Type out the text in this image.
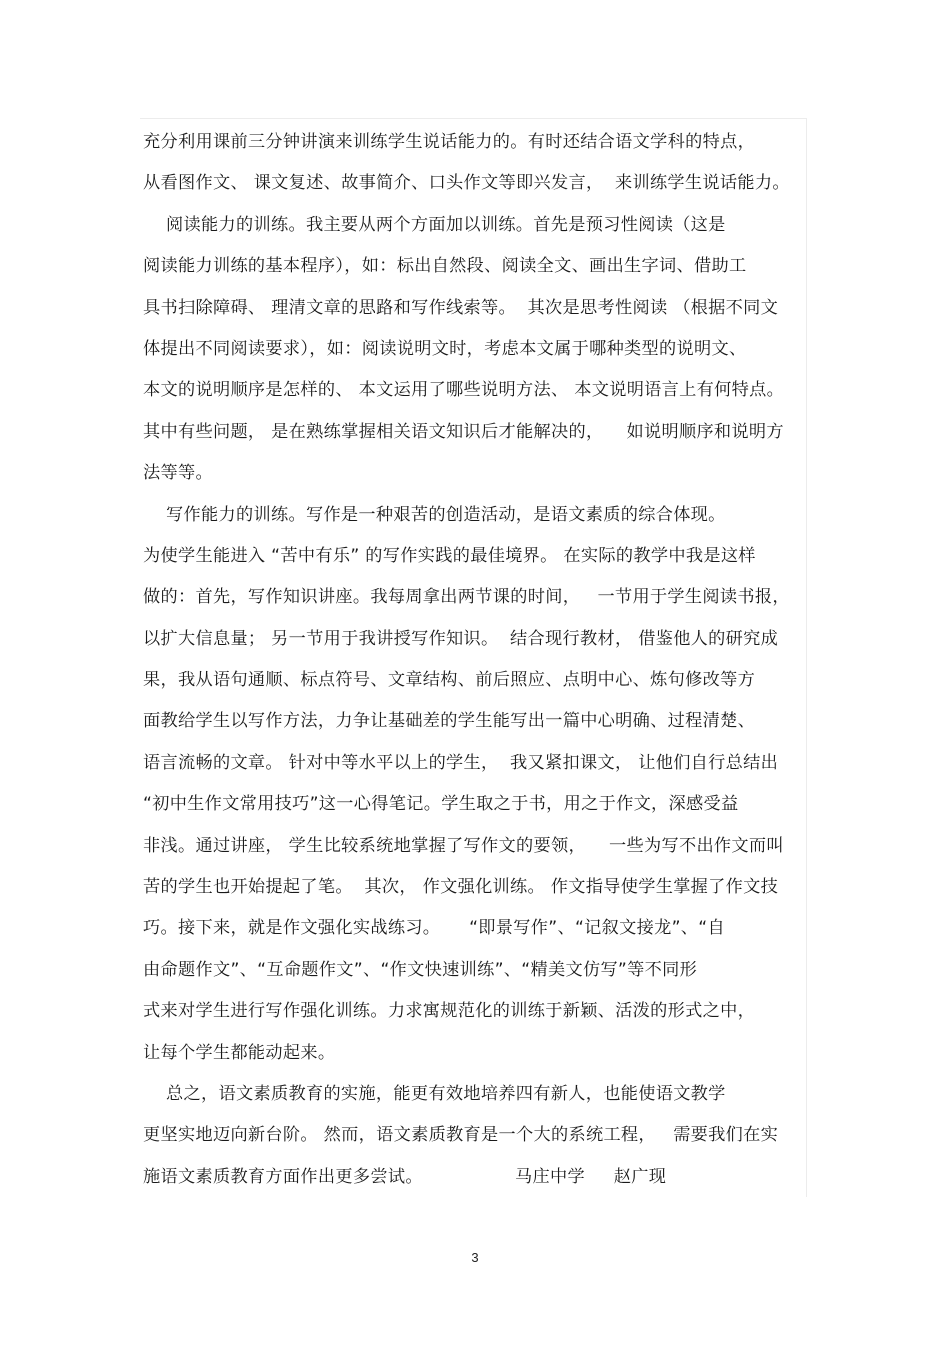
充分利用课前三分钟讲演来训练学生说话能力的。有时还结合语文学科的特点，
从看图作文、 课文复述、故事简介、口头作文等即兴发言，  来训练学生说话能力。
阅读能力的训练。我主要从两个方面加以训练。首先是预习性阅读（这是
阅读能力训练的基本程序），如：标出自然段、阅读全文、画出生字词、借助工
具书扫除障碍、 理清文章的思路和写作线索等。  其次是思考性阅读 （根据不同文
体提出不同阅读要求），如：阅读说明文时，考虑本文属于哪种类型的说明文、
本文的说明顺序是怎样的、 本文运用了哪些说明方法、 本文说明语言上有何特点。
其中有些问题， 是在熟练掌握相关语文知识后才能解决的，    如说明顺序和说明方
法等等。
写作能力的训练。写作是一种艰苦的创造活动，是语文素质的综合体现。
为使学生能进入 “苦中有乐” 的写作实践的最佳境界。 在实际的教学中我是这样
做的：首先，写作知识讲座。我每周拿出两节课的时间，   一节用于学生阅读书报，
以扩大信息量； 另一节用于我讲授写作知识。  结合现行教材， 借鉴他人的研究成
果，我从语句通顺、标点符号、文章结构、前后照应、点明中心、炼句修改等方
面教给学生以写作方法，力争让基础差的学生能写出一篇中心明确、过程清楚、
语言流畅的文章。 针对中等水平以上的学生，  我又紧扣课文， 让他们自行总结出
“初中生作文常用技巧”这一心得笔记。学生取之于书，用之于作文，深感受益
非浅。通过讲座， 学生比较系统地掌握了写作文的要领，    一些为写不出作文而叫
苦的学生也开始提起了笔。  其次， 作文强化训练。 作文指导使学生掌握了作文技
巧。接下来，就是作文强化实战练习。     “即景写作”、“记叙文接龙”、“自
由命题作文”、“互命题作文”、“作文快速训练”、“精美文仿写”等不同形
式来对学生进行写作强化训练。力求寓规范化的训练于新颖、活泼的形式之中，
让每个学生都能动起来。
总之，语文素质教育的实施，能更有效地培养四有新人，也能使语文教学
更坚实地迈向新台阶。 然而，语文素质教育是一个大的系统工程，   需要我们在实
施语文素质教育方面作出更多尝试。                马庄中学     赵广现
3
